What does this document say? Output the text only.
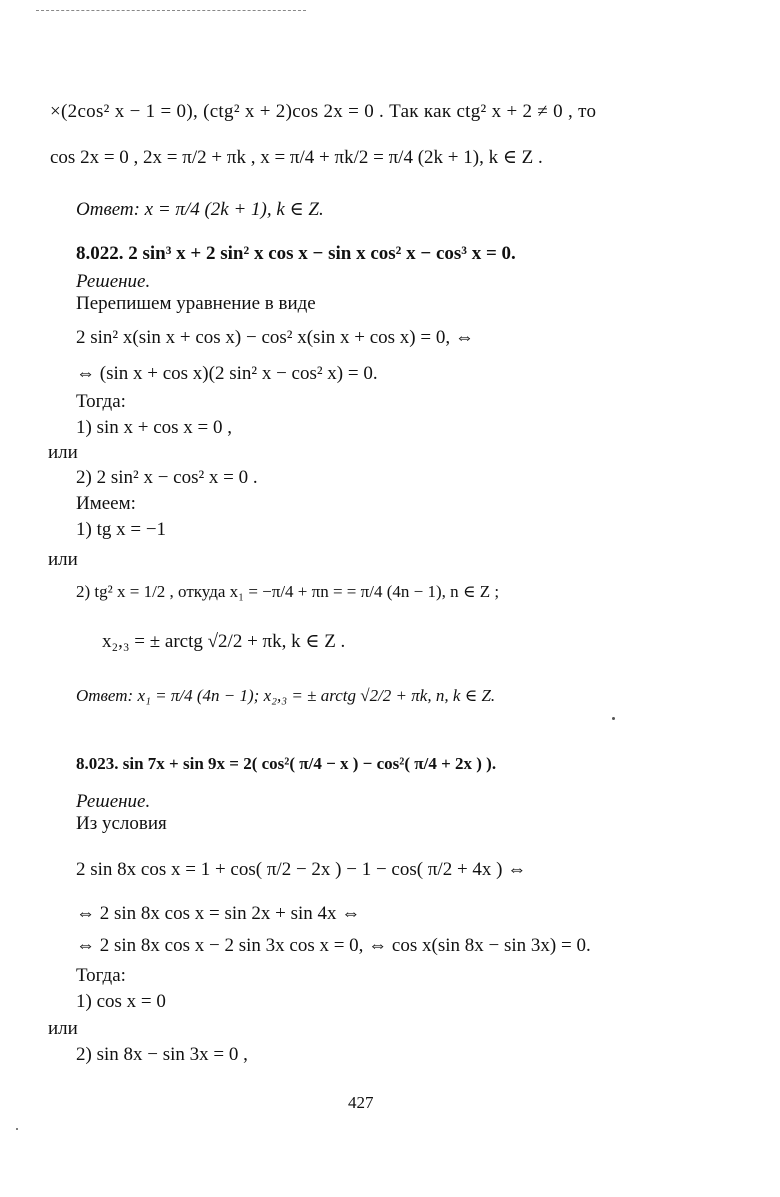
×(2cos² x − 1 = 0), (ctg² x + 2)cos 2x = 0 . Так как ctg² x + 2 ≠ 0 , то
cos 2x = 0 , 2x = π/2 + πk , x = π/4 + πk/2 = π/4 (2k + 1), k ∈ Z .
Ответ: x = π/4 (2k + 1), k ∈ Z.
8.022. 2 sin³ x + 2 sin² x cos x − sin x cos² x − cos³ x = 0.
Решение.
Перепишем уравнение в виде
2 sin² x(sin x + cos x) − cos² x(sin x + cos x) = 0, ⇔
⇔ (sin x + cos x)(2 sin² x − cos² x) = 0.
Тогда:
1) sin x + cos x = 0 ,
или
2) 2 sin² x − cos² x = 0 .
Имеем:
1) tg x = −1
или
2) tg² x = 1/2 , откуда x₁ = −π/4 + πn = = π/4 (4n − 1), n ∈ Z ;
x₂,₃ = ± arctg √2/2 + πk, k ∈ Z .
Ответ: x₁ = π/4 (4n − 1); x₂,₃ = ± arctg √2/2 + πk, n, k ∈ Z.
8.023. sin 7x + sin 9x = 2( cos²( π/4 − x ) − cos²( π/4 + 2x ) ).
Решение.
Из условия
2 sin 8x cos x = 1 + cos( π/2 − 2x ) − 1 − cos( π/2 + 4x ) ⇔
⇔ 2 sin 8x cos x = sin 2x + sin 4x ⇔
⇔ 2 sin 8x cos x − 2 sin 3x cos x = 0, ⇔ cos x(sin 8x − sin 3x) = 0.
Тогда:
1) cos x = 0
или
2) sin 8x − sin 3x = 0 ,
427
